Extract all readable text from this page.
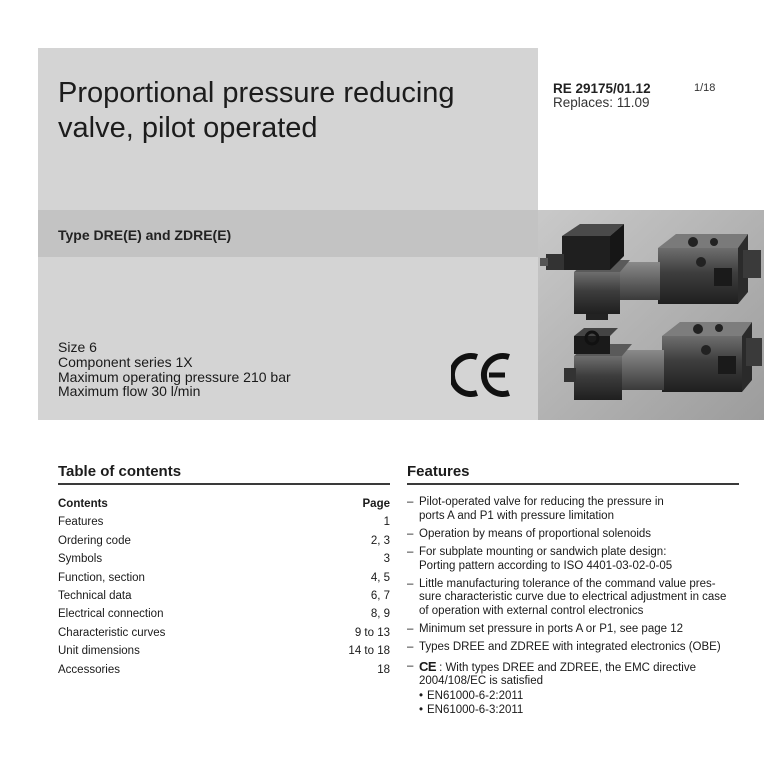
Proportional pressure reducing
valve, pilot operated
RE 29175/01.12
Replaces: 11.09
1/18
Type DRE(E) and ZDRE(E)
Size 6
Component series 1X
Maximum operating pressure 210 bar
Maximum flow 30 l/min
Table of contents
Contents	Page
Features	1
Ordering code	2, 3
Symbols	3
Function, section	4, 5
Technical data	6, 7
Electrical connection	8, 9
Characteristic curves	9 to 13
Unit dimensions	14 to 18
Accessories	18
Features
– Pilot-operated valve for reducing the pressure in
ports A and P1 with pressure limitation
– Operation by means of proportional solenoids
– For subplate mounting or sandwich plate design:
Porting pattern according to ISO 4401-03-02-0-05
– Little manufacturing tolerance of the command value pres-
sure characteristic curve due to electrical adjustment in case
of operation with external control electronics
– Minimum set pressure in ports A or P1, see page 12
– Types DREE and ZDREE with integrated electronics (OBE)
– CE : With types DREE and ZDREE, the EMC directive
2004/108/EC is satisfied
• EN61000-6-2:2011
• EN61000-6-3:2011
